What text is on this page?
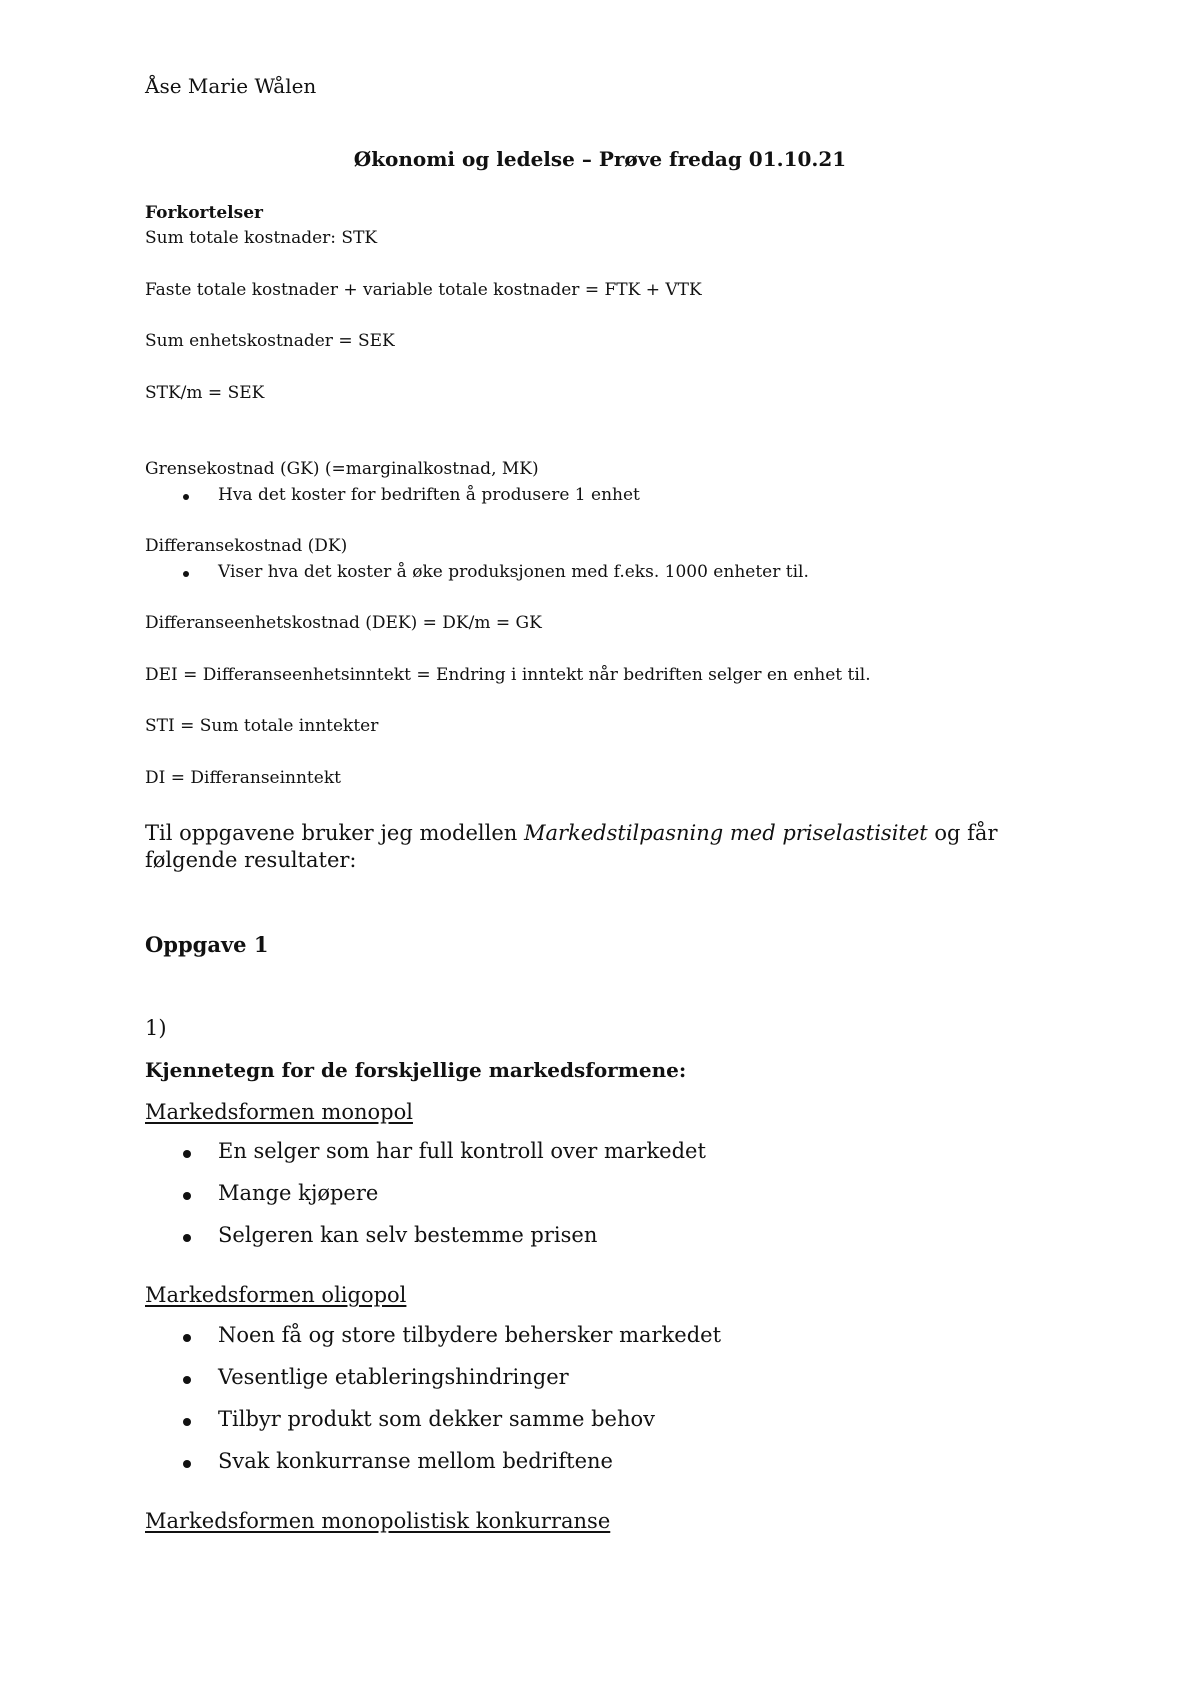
Åse Marie Wålen
Økonomi og ledelse – Prøve fredag 01.10.21
Forkortelser
Sum totale kostnader: STK
Faste totale kostnader + variable totale kostnader = FTK + VTK
Sum enhetskostnader = SEK
STK/m = SEK
Grensekostnad (GK) (=marginalkostnad, MK)
Hva det koster for bedriften å produsere 1 enhet
Differansekostnad (DK)
Viser hva det koster å øke produksjonen med f.eks. 1000 enheter til.
Differanseenhetskostnad (DEK) = DK/m = GK
DEI = Differanseenhetsinntekt = Endring i inntekt når bedriften selger en enhet til.
STI = Sum totale inntekter
DI = Differanseinntekt
Til oppgavene bruker jeg modellen Markedstilpasning med priselastisitet og får følgende resultater:
Oppgave 1
1)
Kjennetegn for de forskjellige markedsformene:
Markedsformen monopol
En selger som har full kontroll over markedet
Mange kjøpere
Selgeren kan selv bestemme prisen
Markedsformen oligopol
Noen få og store tilbydere behersker markedet
Vesentlige etableringshindringer
Tilbyr produkt som dekker samme behov
Svak konkurranse mellom bedriftene
Markedsformen monopolistisk konkurranse
